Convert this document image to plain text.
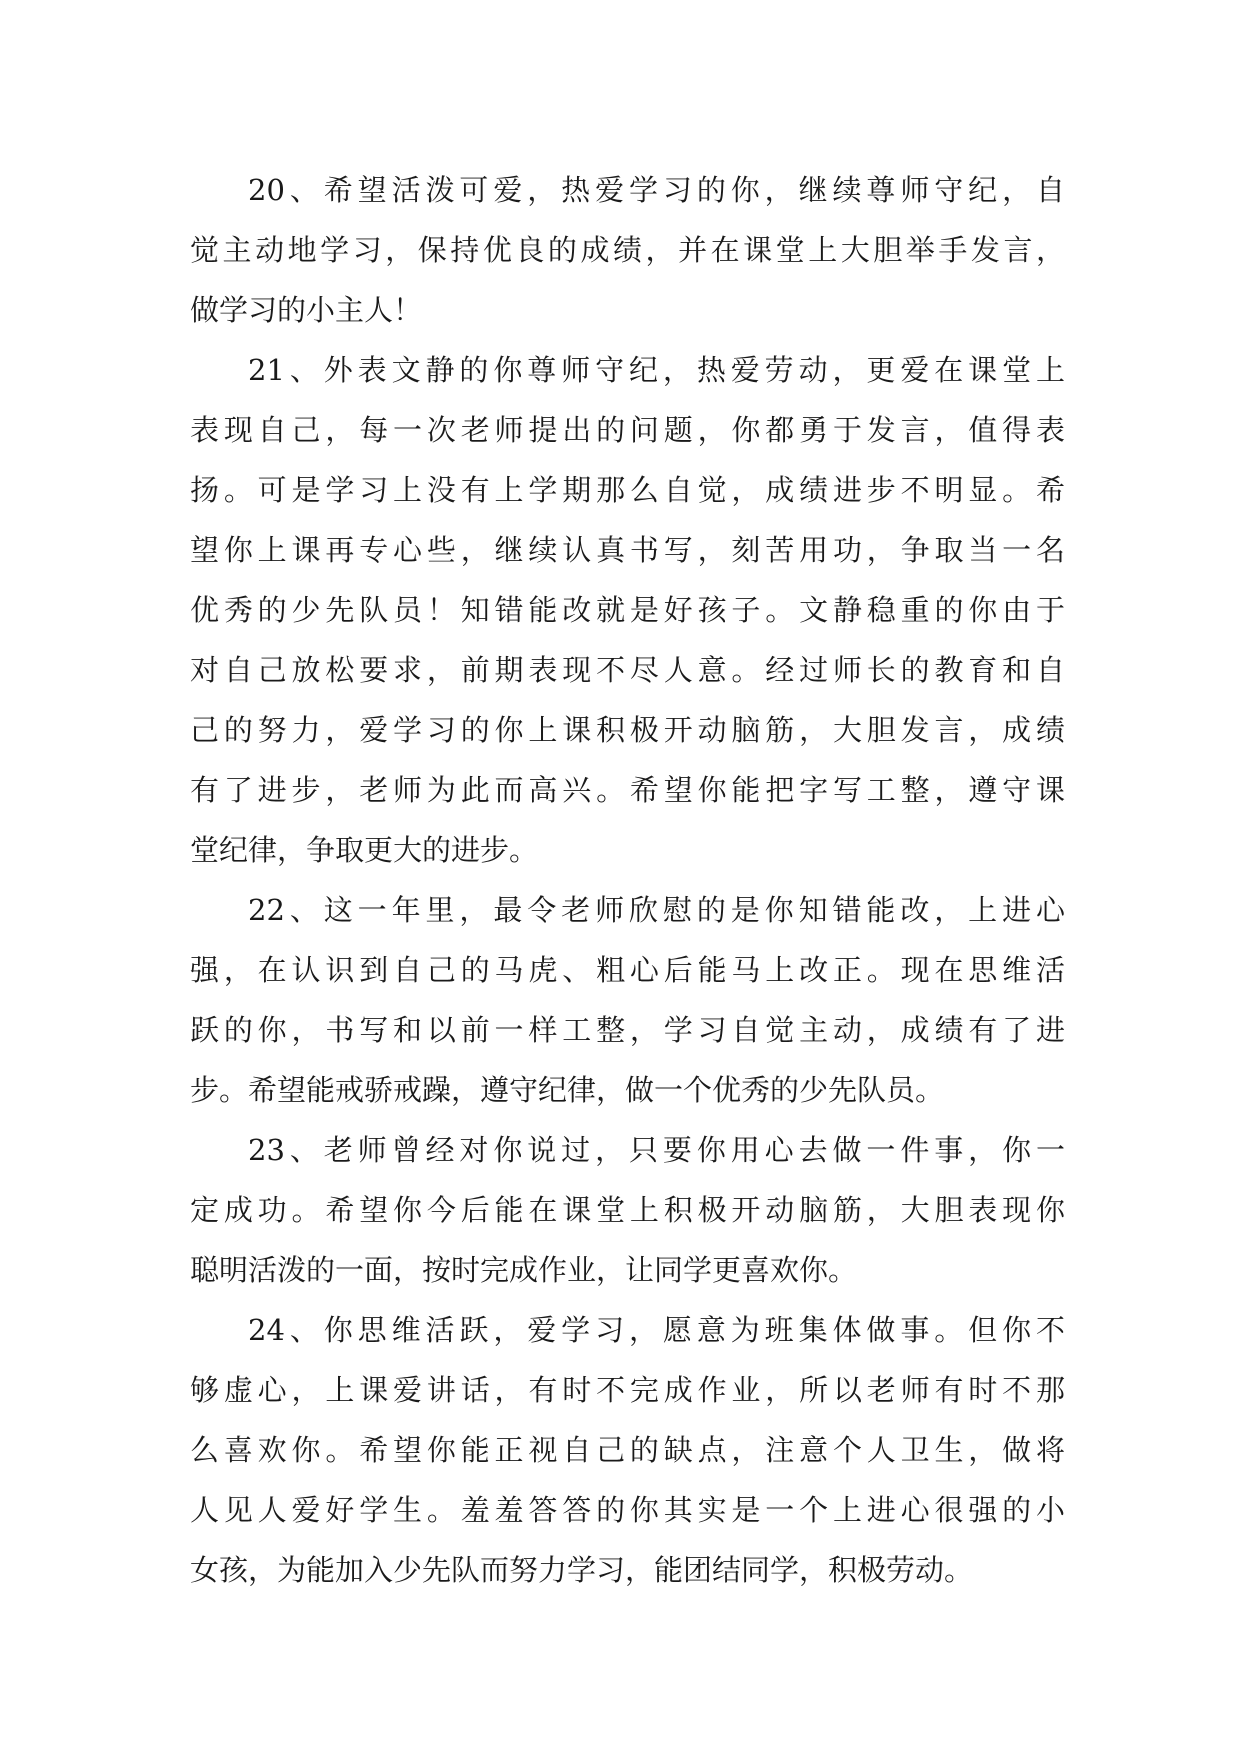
20、希望活泼可爱，热爱学习的你，继续尊师守纪，自
觉主动地学习，保持优良的成绩，并在课堂上大胆举手发言，
做学习的小主人！
21、外表文静的你尊师守纪，热爱劳动，更爱在课堂上
表现自己，每一次老师提出的问题，你都勇于发言，值得表
扬。可是学习上没有上学期那么自觉，成绩进步不明显。希
望你上课再专心些，继续认真书写，刻苦用功，争取当一名
优秀的少先队员！知错能改就是好孩子。文静稳重的你由于
对自己放松要求，前期表现不尽人意。经过师长的教育和自
己的努力，爱学习的你上课积极开动脑筋，大胆发言，成绩
有了进步，老师为此而高兴。希望你能把字写工整，遵守课
堂纪律，争取更大的进步。
22、这一年里，最令老师欣慰的是你知错能改，上进心
强，在认识到自己的马虎、粗心后能马上改正。现在思维活
跃的你，书写和以前一样工整，学习自觉主动，成绩有了进
步。希望能戒骄戒躁，遵守纪律，做一个优秀的少先队员。
23、老师曾经对你说过，只要你用心去做一件事，你一
定成功。希望你今后能在课堂上积极开动脑筋，大胆表现你
聪明活泼的一面，按时完成作业，让同学更喜欢你。
24、你思维活跃，爱学习，愿意为班集体做事。但你不
够虚心，上课爱讲话，有时不完成作业，所以老师有时不那
么喜欢你。希望你能正视自己的缺点，注意个人卫生，做将
人见人爱好学生。羞羞答答的你其实是一个上进心很强的小
女孩，为能加入少先队而努力学习，能团结同学，积极劳动。
